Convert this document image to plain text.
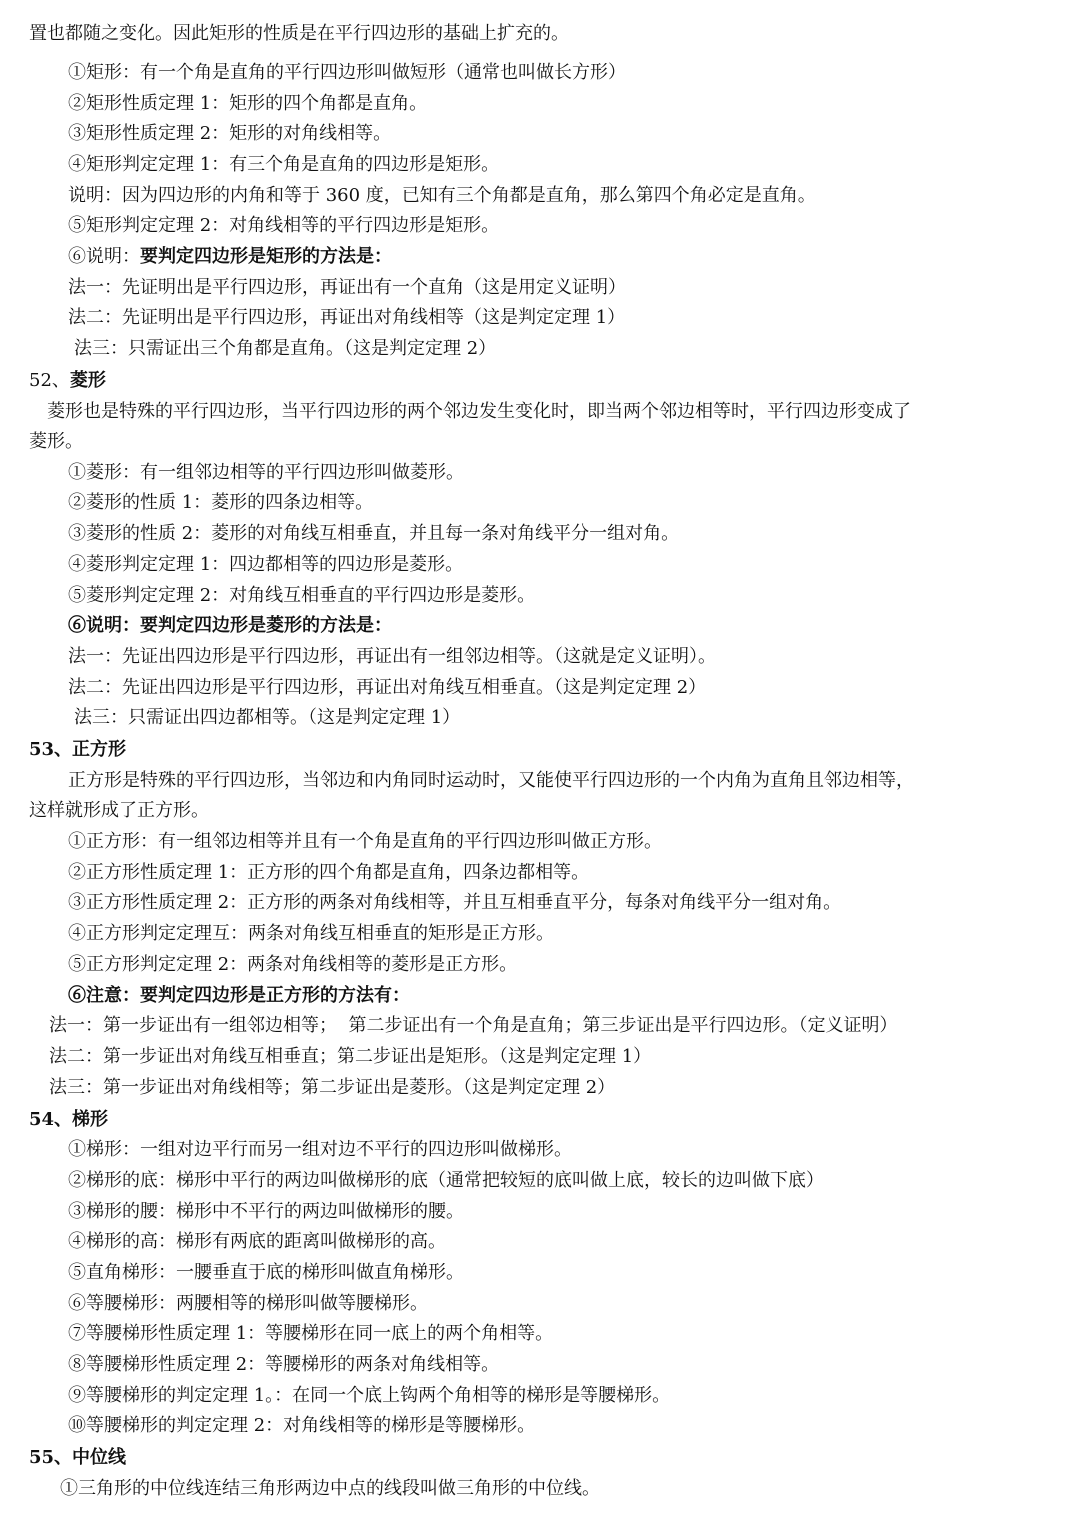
置也都随之变化。因此矩形的性质是在平行四边形的基础上扩充的。
①矩形：有一个角是直角的平行四边形叫做短形（通常也叫做长方形）
②矩形性质定理 1：矩形的四个角都是直角。
③矩形性质定理 2：矩形的对角线相等。
④矩形判定定理 1：有三个角是直角的四边形是矩形。
说明：因为四边形的内角和等于 360 度，已知有三个角都是直角，那么第四个角必定是直角。
⑤矩形判定定理 2：对角线相等的平行四边形是矩形。
⑥说明：要判定四边形是矩形的方法是：
法一：先证明出是平行四边形，再证出有一个直角（这是用定义证明）
法二：先证明出是平行四边形，再证出对角线相等（这是判定定理 1）
法三：只需证出三个角都是直角。（这是判定定理 2）
52、菱形
菱形也是特殊的平行四边形，当平行四边形的两个邻边发生变化时，即当两个邻边相等时，平行四边形变成了
菱形。
①菱形：有一组邻边相等的平行四边形叫做菱形。
②菱形的性质 1：菱形的四条边相等。
③菱形的性质 2：菱形的对角线互相垂直，并且每一条对角线平分一组对角。
④菱形判定定理 1：四边都相等的四边形是菱形。
⑤菱形判定定理 2：对角线互相垂直的平行四边形是菱形。
⑥说明：要判定四边形是菱形的方法是：
法一：先证出四边形是平行四边形，再证出有一组邻边相等。（这就是定义证明）。
法二：先证出四边形是平行四边形，再证出对角线互相垂直。（这是判定定理 2）
法三：只需证出四边都相等。（这是判定定理 1）
53、正方形
正方形是特殊的平行四边形，当邻边和内角同时运动时，又能使平行四边形的一个内角为直角且邻边相等，
这样就形成了正方形。
①正方形：有一组邻边相等并且有一个角是直角的平行四边形叫做正方形。
②正方形性质定理 1：正方形的四个角都是直角，四条边都相等。
③正方形性质定理 2：正方形的两条对角线相等，并且互相垂直平分，每条对角线平分一组对角。
④正方形判定定理互：两条对角线互相垂直的矩形是正方形。
⑤正方形判定定理 2：两条对角线相等的菱形是正方形。
⑥注意：要判定四边形是正方形的方法有：
法一：第一步证出有一组邻边相等；  第二步证出有一个角是直角；第三步证出是平行四边形。（定义证明）
法二：第一步证出对角线互相垂直；第二步证出是矩形。（这是判定定理 1）
法三：第一步证出对角线相等；第二步证出是菱形。（这是判定定理 2）
54、梯形
①梯形：一组对边平行而另一组对边不平行的四边形叫做梯形。
②梯形的底：梯形中平行的两边叫做梯形的底（通常把较短的底叫做上底，较长的边叫做下底）
③梯形的腰：梯形中不平行的两边叫做梯形的腰。
④梯形的高：梯形有两底的距离叫做梯形的高。
⑤直角梯形：一腰垂直于底的梯形叫做直角梯形。
⑥等腰梯形：两腰相等的梯形叫做等腰梯形。
⑦等腰梯形性质定理 1：等腰梯形在同一底上的两个角相等。
⑧等腰梯形性质定理 2：等腰梯形的两条对角线相等。
⑨等腰梯形的判定定理 1。：在同一个底上钩两个角相等的梯形是等腰梯形。
⑩等腰梯形的判定定理 2：对角线相等的梯形是等腰梯形。
55、中位线
①三角形的中位线连结三角形两边中点的线段叫做三角形的中位线。
